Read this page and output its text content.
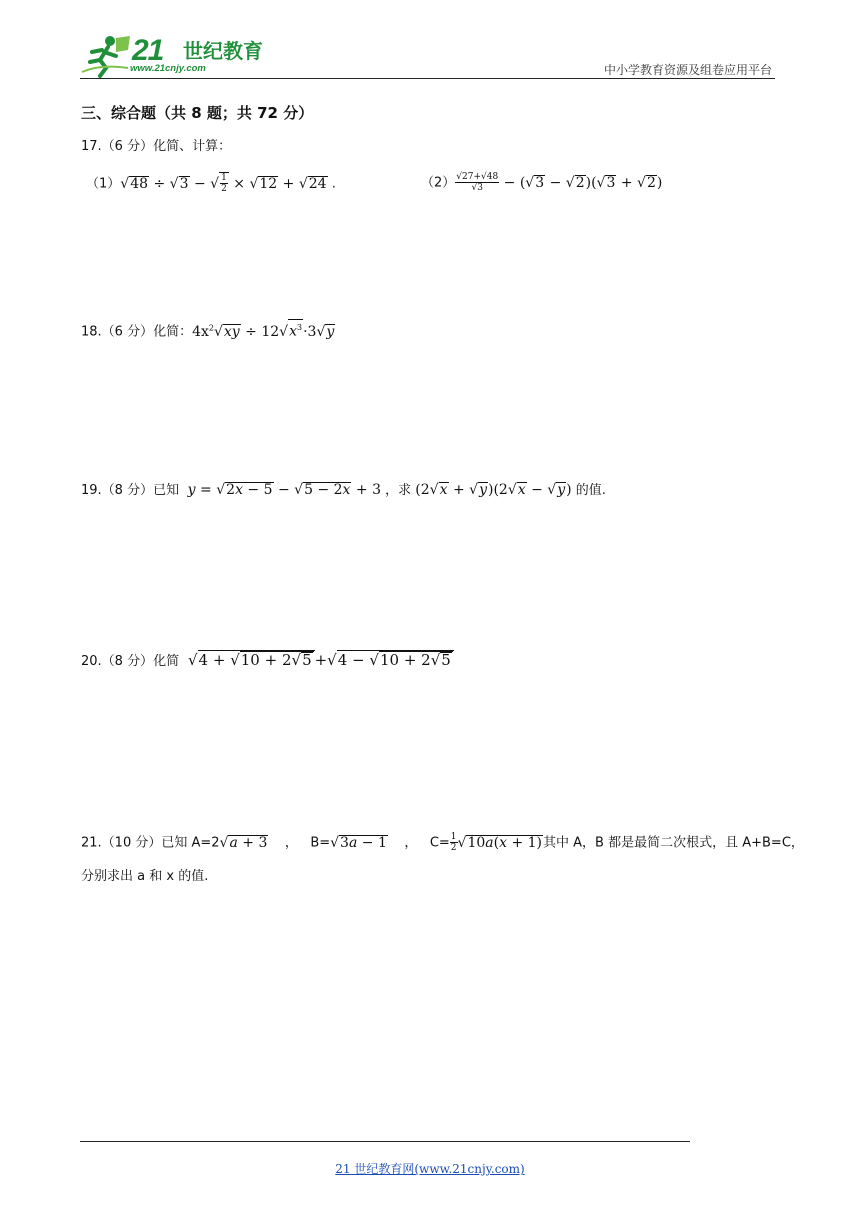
21 世纪教育
www.21cnjy.com	中小学教育资源及组卷应用平台
三、综合题（共 8 题；共 72 分）
17.（6 分）化简、计算：
（1）√48 ÷ √3 − √ $\frac{1}{2} \times √12 + √24$ .	$(2) \frac{√27+√48}{√3} - (√3 - √2)(√3 + √2)$
18.（6 分）化简：$4x^2√xy \div 12√x^3\cdot 3√y$
19.（8 分）已知 y = √2x − 5 − √5 − 2x + 3 ，求 (2√x + √y)(2√x − √y) 的值.
20.（8 分）化简  √4 + √10 + 2√5 +√4 − √10 + 2√5
21.（10 分）已知 A=2√a + 3    ，   B=√3a − 1    ，   $C= \frac{1}{2} √10a(x + 1)$其中 A，B 都是最简二次根式，且 A+B=C，
分别求出 a 和 x 的值.
21 世纪教育网(www.21cnjy.com)
